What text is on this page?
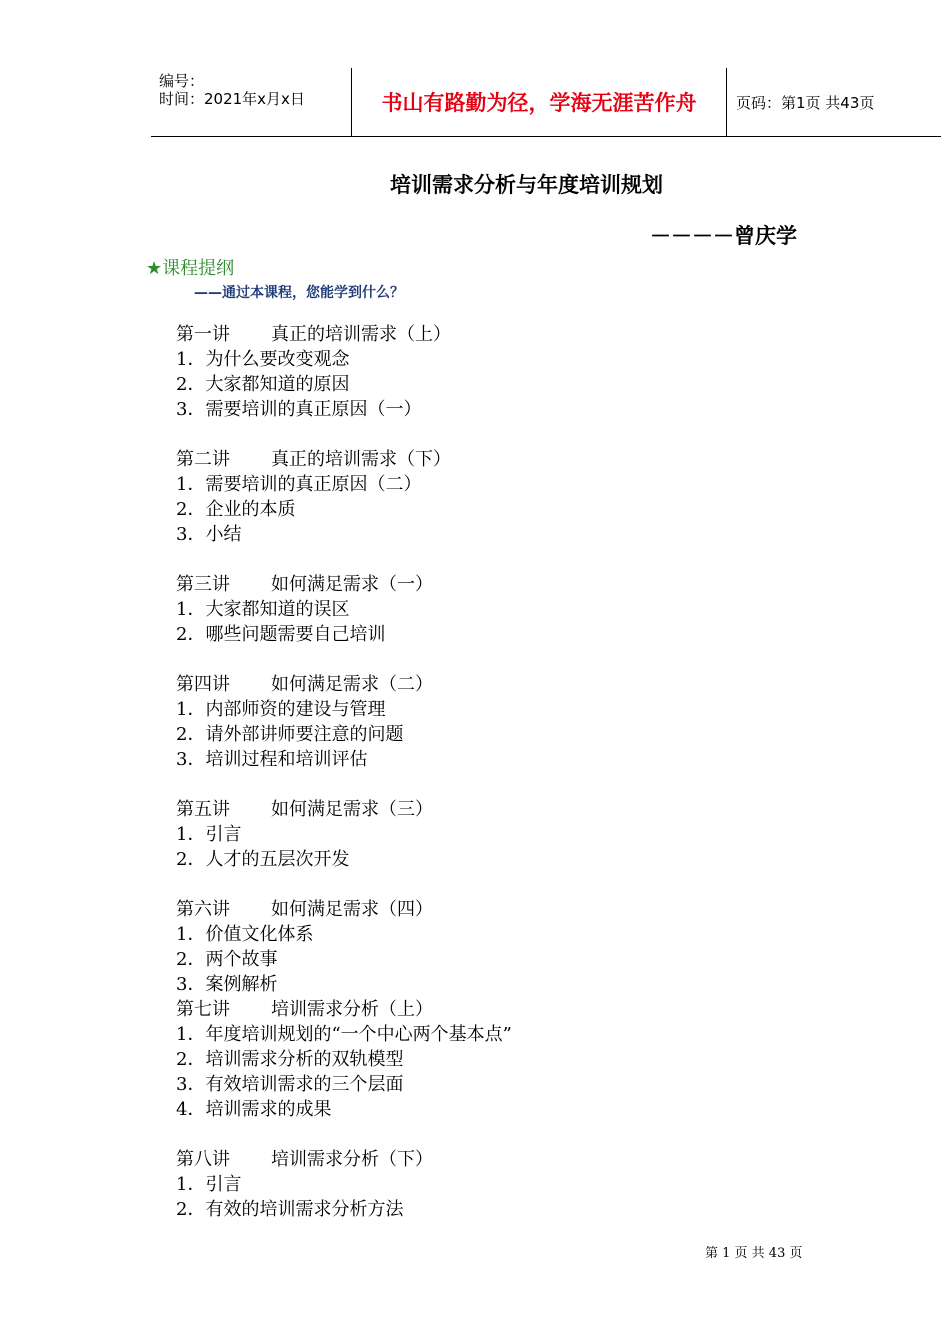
编号：
时间：2021年x月x日	书山有路勤为径，学海无涯苦作舟	页码：第1页 共43页
培训需求分析与年度培训规划
－－－－曾庆学
★课程提纲
——通过本课程，您能学到什么？
第一讲 真正的培训需求（上）
1．为什么要改变观念
2．大家都知道的原因
3．需要培训的真正原因（一）
第二讲 真正的培训需求（下）
1．需要培训的真正原因（二）
2．企业的本质
3．小结
第三讲 如何满足需求（一）
1．大家都知道的误区
2．哪些问题需要自己培训
第四讲 如何满足需求（二）
1．内部师资的建设与管理
2．请外部讲师要注意的问题
3．培训过程和培训评估
第五讲 如何满足需求（三）
1．引言
2．人才的五层次开发
第六讲 如何满足需求（四）
1．价值文化体系
2．两个故事
3．案例解析
第七讲 培训需求分析（上）
1．年度培训规划的“一个中心两个基本点”
2．培训需求分析的双轨模型
3．有效培训需求的三个层面
4．培训需求的成果
第八讲 培训需求分析（下）
1．引言
2．有效的培训需求分析方法
第 1 页 共 43 页
